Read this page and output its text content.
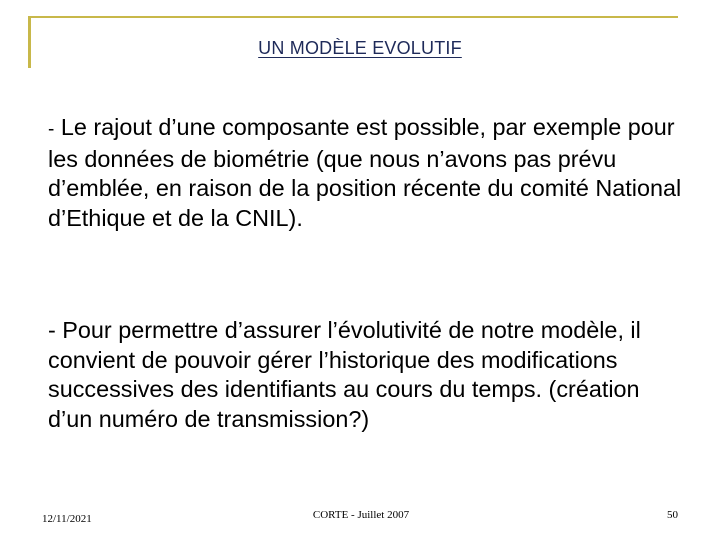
UN MODÈLE EVOLUTIF
- Le rajout d’une composante est possible, par exemple pour les données de biométrie (que nous n’avons pas prévu d’emblée, en raison de la position récente du comité National d’Ethique et de la CNIL).
- Pour permettre d’assurer l’évolutivité de notre modèle, il convient de pouvoir gérer l’historique des modifications successives des identifiants au cours du temps. (création d’un numéro de transmission?)
12/11/2021	CORTE - Juillet 2007	50
